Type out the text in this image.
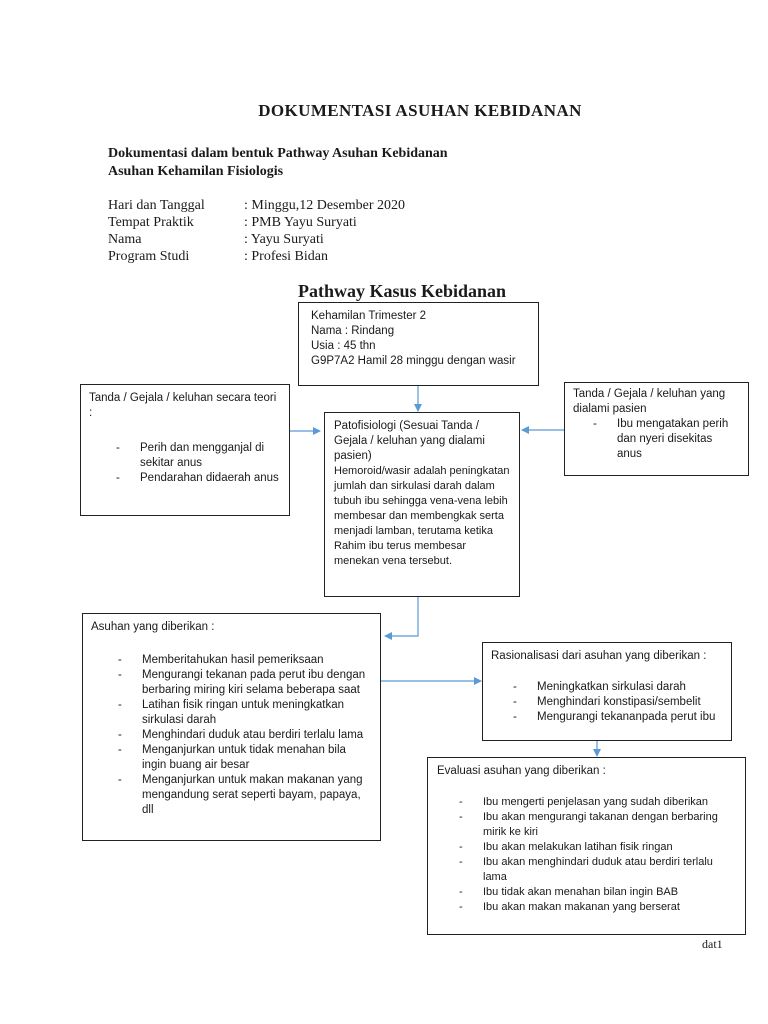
DOKUMENTASI ASUHAN KEBIDANAN
Dokumentasi dalam bentuk Pathway Asuhan Kebidanan
Asuhan Kehamilan Fisiologis
Hari dan Tanggal	: Minggu,12 Desember 2020
Tempat Praktik	: PMB Yayu Suryati
Nama	: Yayu Suryati
Program Studi	: Profesi Bidan
Pathway Kasus Kebidanan
Kehamilan Trimester 2
Nama : Rindang
Usia : 45 thn
G9P7A2 Hamil 28 minggu dengan wasir
Tanda / Gejala / keluhan secara teori :
- Perih dan mengganjal di sekitar anus
- Pendarahan didaerah anus
Tanda / Gejala / keluhan yang dialami pasien
- Ibu mengatakan perih dan nyeri disekitas anus
Patofisiologi (Sesuai Tanda / Gejala / keluhan yang dialami pasien)
Hemoroid/wasir adalah peningkatan jumlah dan sirkulasi darah dalam tubuh ibu sehingga vena-vena lebih membesar dan membengkak serta menjadi lamban, terutama ketika Rahim ibu terus membesar menekan vena tersebut.
Asuhan yang diberikan :
- Memberitahukan hasil pemeriksaan
- Mengurangi tekanan pada perut ibu dengan berbaring miring kiri selama beberapa saat
- Latihan fisik ringan untuk meningkatkan sirkulasi darah
- Menghindari duduk atau berdiri terlalu lama
- Menganjurkan untuk tidak menahan bila ingin buang air besar
- Menganjurkan untuk makan makanan yang mengandung serat seperti bayam, papaya, dll
Rasionalisasi dari asuhan yang diberikan :
- Meningkatkan sirkulasi darah
- Menghindari konstipasi/sembelit
- Mengurangi tekananpada perut ibu
Evaluasi asuhan yang diberikan :
- Ibu mengerti penjelasan yang sudah diberikan
- Ibu akan mengurangi takanan dengan berbaring mirik ke kiri
- Ibu akan melakukan latihan fisik ringan
- Ibu akan menghindari duduk atau berdiri terlalu lama
- Ibu tidak akan menahan bilan ingin BAB
- Ibu akan makan makanan yang berserat
dat1
